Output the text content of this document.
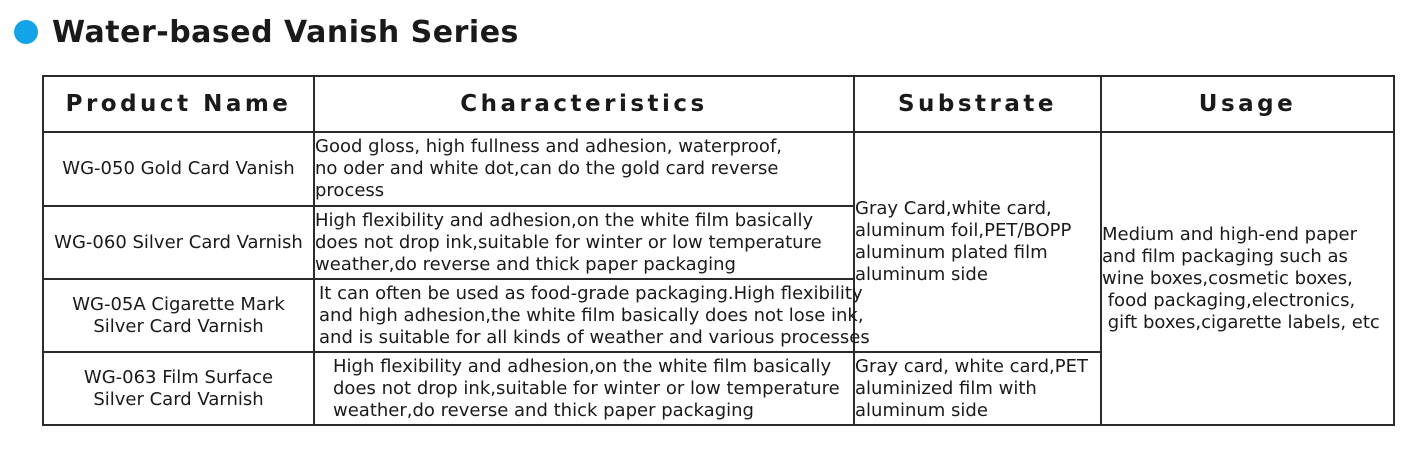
Water-based Vanish Series
Product Name	Characteristics	Substrate	Usage

WG-050 Gold Card Vanish	Good gloss, high fullness and adhesion, waterproof,
no oder and white dot,can do the gold card reverse
process	Gray Card,white card,
aluminum foil,PET/BOPP
aluminum plated film
aluminum side	Medium and high-end paper
and film packaging such as
wine boxes,cosmetic boxes,
food packaging,electronics,
gift boxes,cigarette labels, etc

WG-060 Silver Card Varnish	High flexibility and adhesion,on the white film basically
does not drop ink,suitable for winter or low temperature
weather,do reverse and thick paper packaging		

WG-05A Cigarette Mark
Silver Card Varnish	It can often be used as food-grade packaging.High flexibility
and high adhesion,the white film basically does not lose ink,
and is suitable for all kinds of weather and various processes		

WG-063 Film Surface
Silver Card Varnish	High flexibility and adhesion,on the white film basically
does not drop ink,suitable for winter or low temperature
weather,do reverse and thick paper packaging	Gray card, white card,PET
aluminized film with
aluminum side	
